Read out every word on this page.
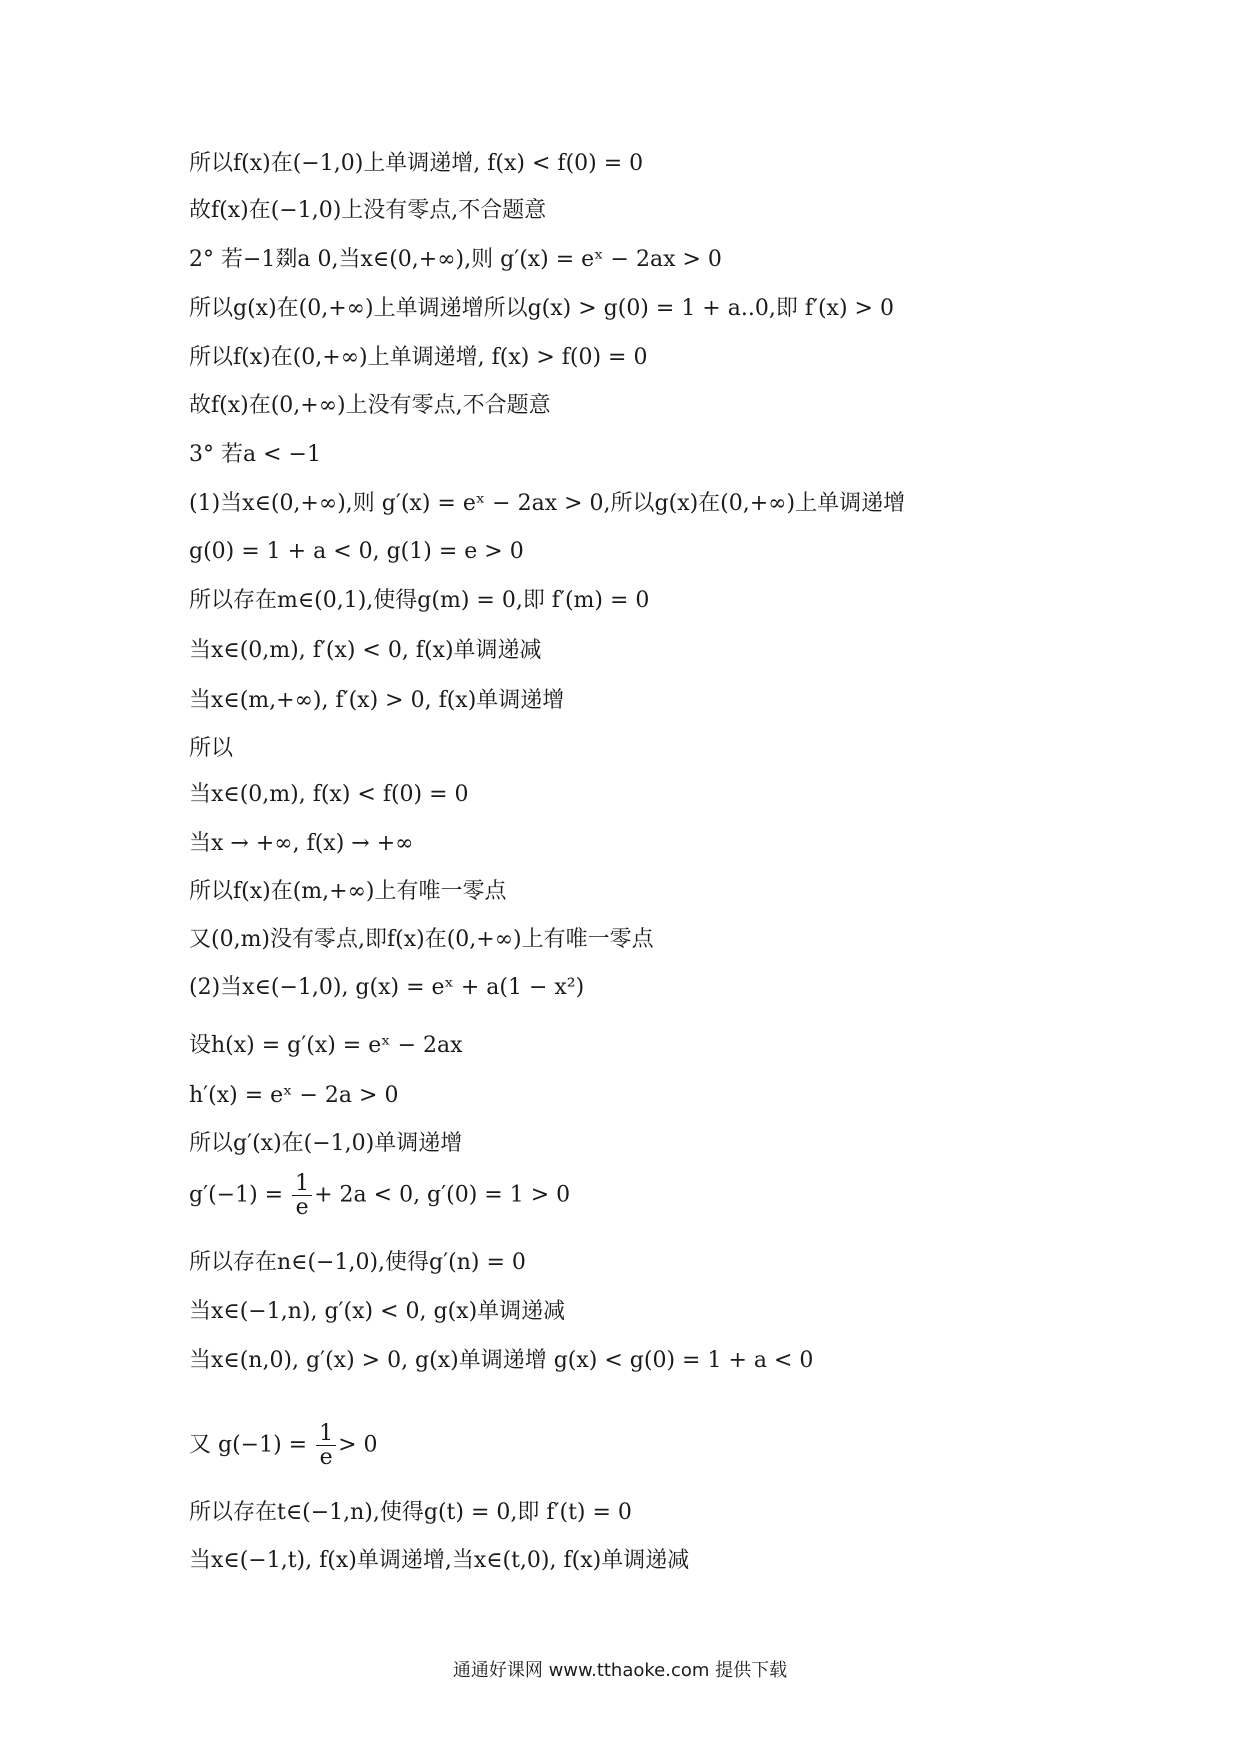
所以f(x)在(−1,0)上单调递增, f(x) < f(0) = 0
故f(x)在(−1,0)上没有零点,不合题意
2° 若−1剟a 0,当x∈(0,+∞),则 g′(x) = eˣ − 2ax > 0
所以g(x)在(0,+∞)上单调递增所以g(x) > g(0) = 1 + a..0,即 f′(x) > 0
所以f(x)在(0,+∞)上单调递增, f(x) > f(0) = 0
故f(x)在(0,+∞)上没有零点,不合题意
3° 若a < −1
(1)当x∈(0,+∞),则 g′(x) = eˣ − 2ax > 0,所以g(x)在(0,+∞)上单调递增
g(0) = 1 + a < 0, g(1) = e > 0
所以存在m∈(0,1),使得g(m) = 0,即 f′(m) = 0
当x∈(0,m), f′(x) < 0, f(x)单调递减
当x∈(m,+∞), f′(x) > 0, f(x)单调递增
所以
当x∈(0,m), f(x) < f(0) = 0
当x → +∞, f(x) → +∞
所以f(x)在(m,+∞)上有唯一零点
又(0,m)没有零点,即f(x)在(0,+∞)上有唯一零点
(2)当x∈(−1,0), g(x) = eˣ + a(1 − x²)
设h(x) = g′(x) = eˣ − 2ax
h′(x) = eˣ − 2a > 0
所以g′(x)在(−1,0)单调递增
$g'(-1) = \frac{1}{e} + 2a < 0$, g′(0) = 1 > 0
所以存在n∈(−1,0),使得g′(n) = 0
当x∈(−1,n), g′(x) < 0, g(x)单调递减
当x∈(n,0), g′(x) > 0, g(x)单调递增 g(x) < g(0) = 1 + a < 0
又 $g(-1) = \frac{1}{e} > 0$
所以存在t∈(−1,n),使得g(t) = 0,即 f′(t) = 0
当x∈(−1,t), f(x)单调递增,当x∈(t,0), f(x)单调递减
通通好课网 www.tthaoke.com 提供下载
